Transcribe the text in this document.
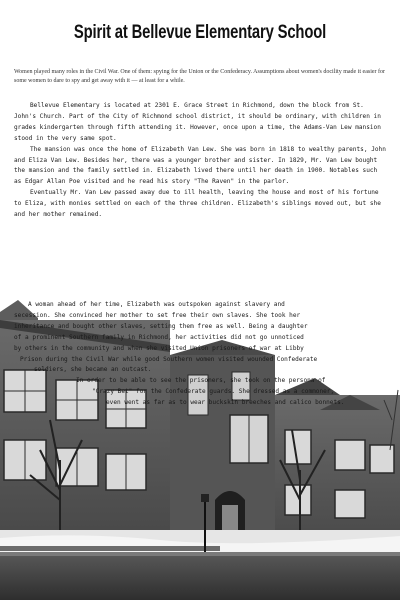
Spirit at Bellevue Elementary School
Women played many roles in the Civil War. One of them: spying for the Union or the Confederacy. Assumptions about women's docility made it easier for some women to dare to spy and get away with it — at least for a while.

Bellevue Elementary is located at 2301 E. Grace Street in Richmond, down the block from St. John's Church. Part of the City of Richmond school district, it should be ordinary, with children in grades kindergarten through fifth attending it. However, once upon a time, the Adams-Van Lew mansion stood in the very same spot.

The mansion was once the home of Elizabeth Van Lew. She was born in 1818 to wealthy parents, John and Eliza Van Lew. Besides her, there was a younger brother and sister. In 1829, Mr. Van Lew bought the mansion and the family settled in. Elizabeth lived there until her death in 1900. Notables such as Edgar Allan Poe visited and he read his story "The Raven" in the parlor.

Eventually Mr. Van Lew passed away due to ill health, leaving the house and most of his fortune to Eliza, with monies settled on each of the three children. Elizabeth's siblings moved out, but she and her mother remained.

A woman ahead of her time, Elizabeth was outspoken against slavery and
secession. She convinced her mother to set free their own slaves. She took her
inheritance and bought other slaves, setting them free as well. Being a daughter
of a prominent Southern family in Richmond, her activities did not go unnoticed
by others in the community and when she visited Union prisoners of war at Libby
Prison during the Civil War while good Southern women visited wounded Confederate
soldiers, she became an outcast.
In order to be able to see the prisoners, she took on the persona of
"Crazy Bet" for the Confederate guards. She dressed as a commoner,
even went as far as to wear buckskin breeches and calico bonnets.
